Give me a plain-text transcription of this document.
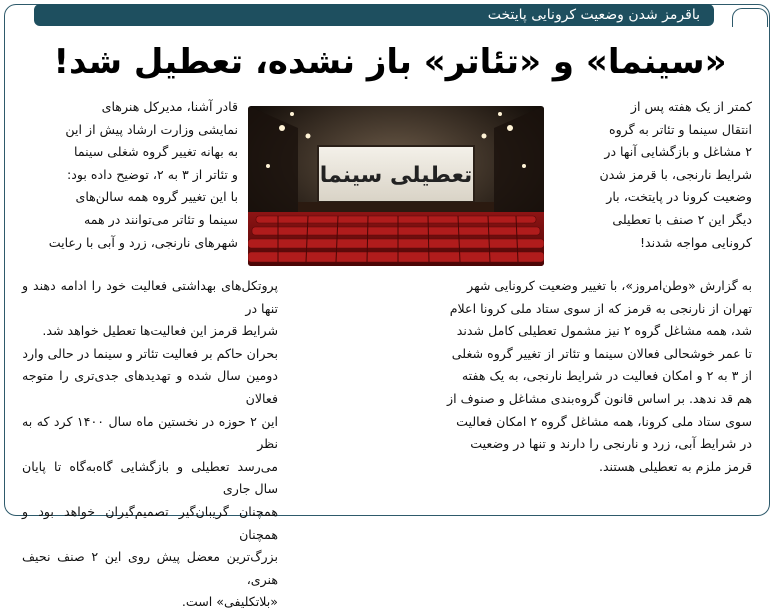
باقرمز شدن وضعیت کرونایی پایتخت
«سینما» و «تئاتر» باز نشده، تعطیل شد!

کمتر از یک هفته پس از

انتقال سینما و تئاتر به گروه

۲ مشاغل و بازگشایی آنها در

شرایط نارنجی، با قرمز شدن

وضعیت کرونا در پایتخت، بار

دیگر این ۲ صنف با تعطیلی

کرونایی مواجه شدند!

تعطیلی سینما

قادر آشنا، مدیرکل هنرهای

نمایشی وزارت ارشاد پیش از این

به بهانه تغییر گروه شغلی سینما

و تئاتر از ۳ به ۲، توضیح داده بود:

با این تغییر گروه همه سالن‌های

سینما و تئاتر می‌توانند در همه

شهرهای نارنجی، زرد و آبی با رعایت

به گزارش «وطن‌امروز»، با تغییر وضعیت کرونایی شهر

تهران از نارنجی به قرمز که از سوی ستاد ملی کرونا اعلام

شد، همه مشاغل گروه ۲ نیز مشمول تعطیلی کامل شدند

تا عمر خوشحالی فعالان سینما و تئاتر از تغییر گروه شغلی

از ۳ به ۲ و امکان فعالیت در شرایط نارنجی، به یک هفته

هم قد ندهد. بر اساس قانون گروه‌بندی مشاغل و صنوف از

سوی ستاد ملی کرونا، همه مشاغل گروه ۲ امکان فعالیت

در شرایط آبی، زرد و نارنجی را دارند و تنها در وضعیت

قرمز ملزم به تعطیلی هستند.

پروتکل‌های بهداشتی فعالیت خود را ادامه دهند و تنها در

شرایط قرمز این فعالیت‌ها تعطیل خواهد شد.

بحران حاکم بر فعالیت تئاتر و سینما در حالی وارد

دومین سال شده و تهدیدهای جدی‌تری را متوجه فعالان

این ۲ حوزه در نخستین ماه سال ۱۴۰۰ کرد که به نظر

می‌رسد تعطیلی و بازگشایی گاه‌به‌گاه تا پایان سال جاری

همچنان گریبان‌گیر تصمیم‌گیران خواهد بود و همچنان

بزرگ‌ترین معضل پیش روی این ۲ صنف نحیف هنری،

«بلاتکلیفی» است.
